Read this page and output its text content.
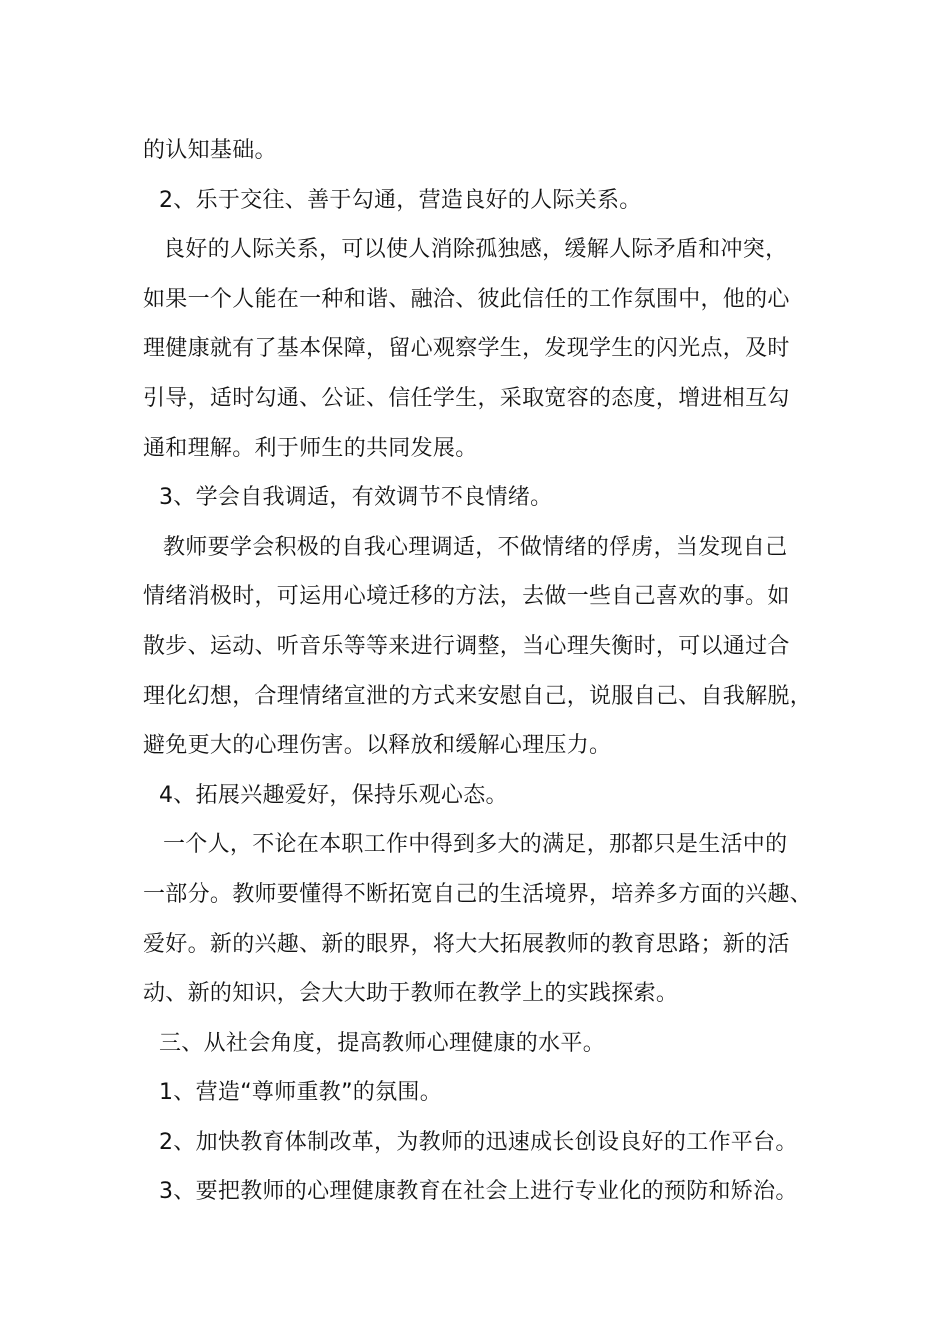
的认知基础。
2、乐于交往、善于勾通，营造良好的人际关系。
良好的人际关系，可以使人消除孤独感，缓解人际矛盾和冲突，
如果一个人能在一种和谐、融洽、彼此信任的工作氛围中，他的心
理健康就有了基本保障，留心观察学生，发现学生的闪光点，及时
引导，适时勾通、公证、信任学生，采取宽容的态度，增进相互勾
通和理解。利于师生的共同发展。
3、学会自我调适，有效调节不良情绪。
教师要学会积极的自我心理调适，不做情绪的俘虏，当发现自己
情绪消极时，可运用心境迁移的方法，去做一些自己喜欢的事。如
散步、运动、听音乐等等来进行调整，当心理失衡时，可以通过合
理化幻想，合理情绪宣泄的方式来安慰自己，说服自己、自我解脱，
避免更大的心理伤害。以释放和缓解心理压力。
4、拓展兴趣爱好，保持乐观心态。
一个人，不论在本职工作中得到多大的满足，那都只是生活中的
一部分。教师要懂得不断拓宽自己的生活境界，培养多方面的兴趣、
爱好。新的兴趣、新的眼界，将大大拓展教师的教育思路；新的活
动、新的知识，会大大助于教师在教学上的实践探索。
三、从社会角度，提高教师心理健康的水平。
1、营造“尊师重教”的氛围。
2、加快教育体制改革，为教师的迅速成长创设良好的工作平台。
3、要把教师的心理健康教育在社会上进行专业化的预防和矫治。
